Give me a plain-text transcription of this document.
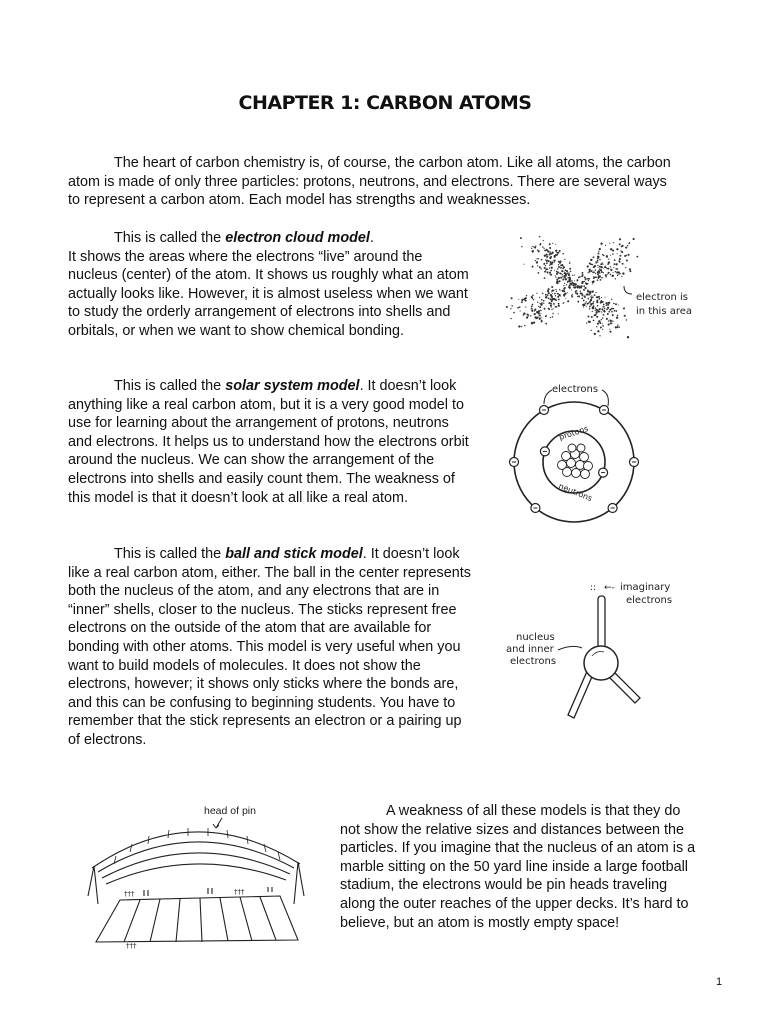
CHAPTER 1: CARBON ATOMS

The heart of carbon chemistry is, of course, the carbon atom. Like all atoms, the carbon atom is made of only three particles: protons, neutrons, and electrons. There are several ways to represent a carbon atom. Each model has strengths and weaknesses.

This is called the electron cloud model.

It shows the areas where the electrons “live” around the nucleus (center) of the atom. It shows us roughly what an atom actually looks like. However, it is almost useless when we want to study the orderly arrangement of electrons into shells and orbitals, or when we want to show chemical bonding.

electron is
in this area

This is called the solar system model. It doesn’t look anything like a real carbon atom, but it is a very good model to use for learning about the arrangement of protons, neutrons and electrons. It helps us to understand how the electrons orbit around the nucleus. We can show the arrangement of the electrons into shells and easily count them. The weakness of this model is that it doesn’t look at all like a real atom.

electrons
protons
neutrons

This is called the ball and stick model. It doesn’t look like a real carbon atom, either. The ball in the center represents both the nucleus of the atom, and any electrons that are in “inner” shells, closer to the nucleus. The sticks represent free electrons on the outside of the atom that are available for bonding with other atoms. This model is very useful when you want to build models of molecules. It does not show the electrons, however; it shows only sticks where the bonds are, and this can be confusing to beginning students. You have to remember that the stick represents an electron or a pairing up of electrons.

:: ←- imaginary
electrons
nucleus
and inner
electrons
head of pin
†††	†††
†††

A weakness of all these models is that they do not show the relative sizes and distances between the particles. If you imagine that the nucleus of an atom is a marble sitting on the 50 yard line inside a large football stadium, the electrons would be pin heads traveling along the outer reaches of the upper decks. It’s hard to believe, but an atom is mostly empty space!

1
